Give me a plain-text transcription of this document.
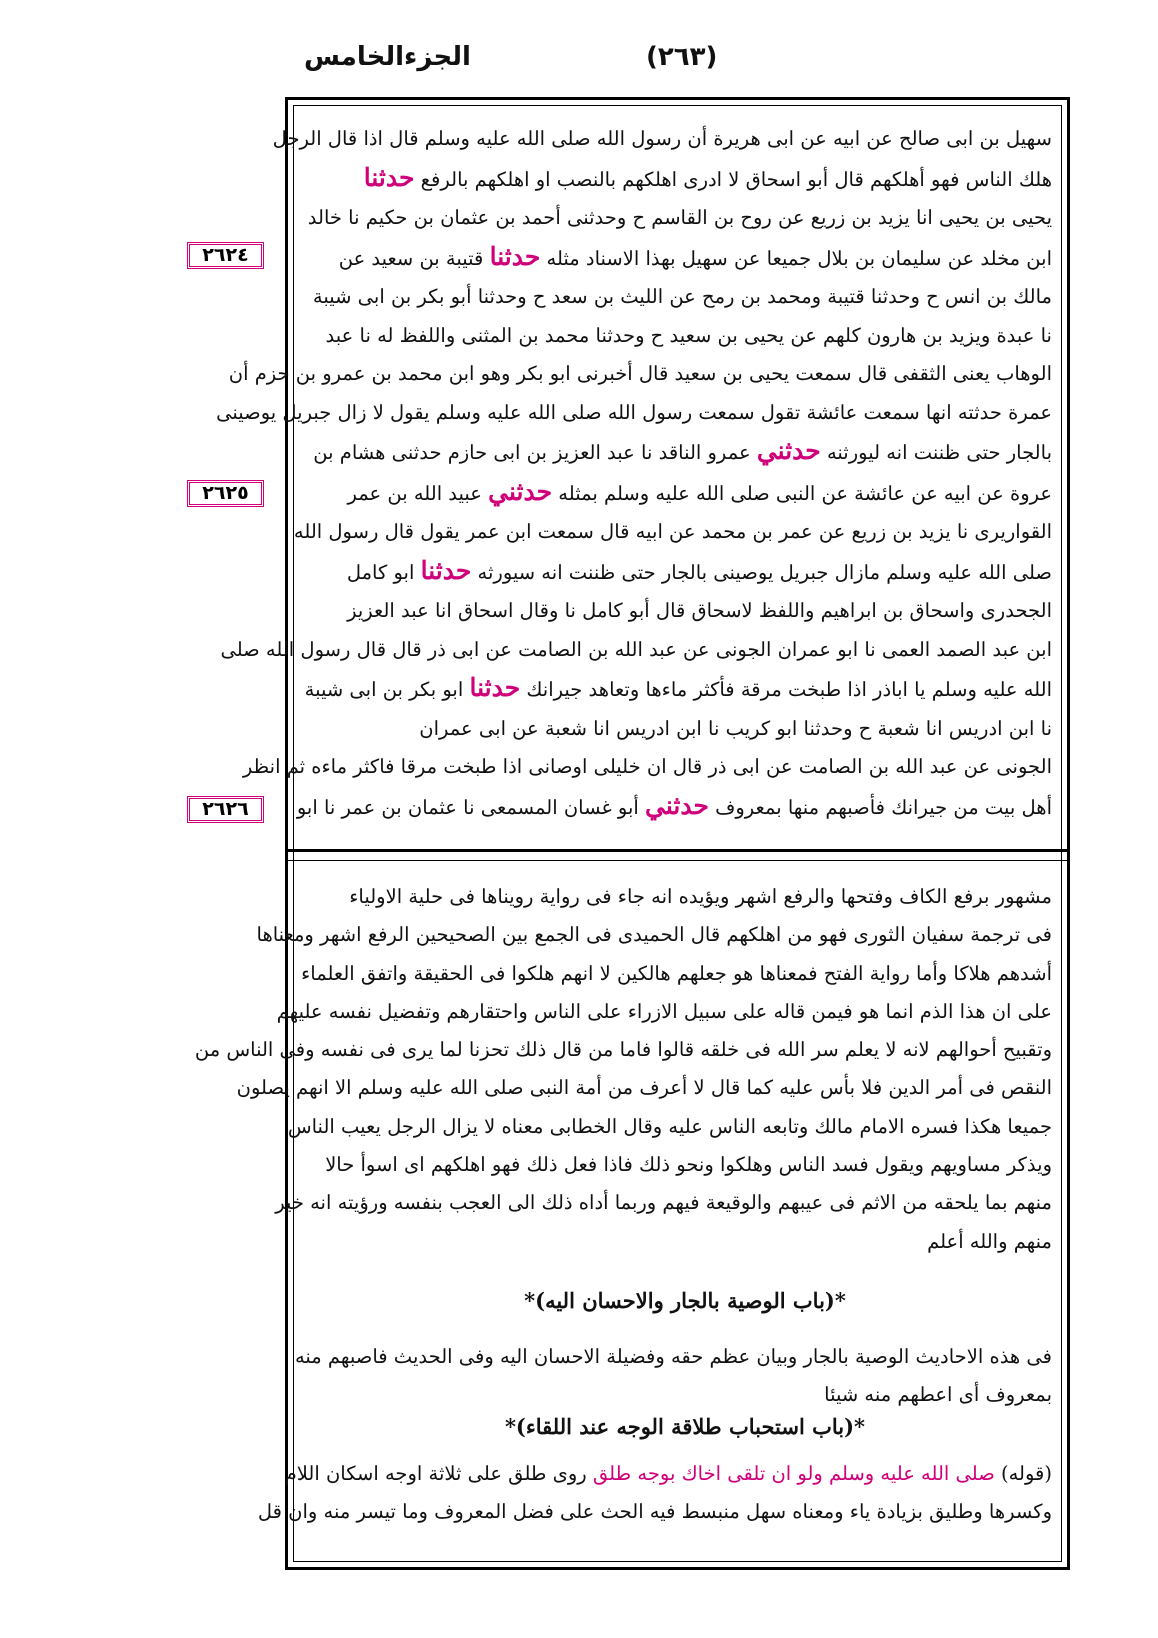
الجزءالخامس	(٢٦٣)
٢٦٢٤
٢٦٢٥
٢٦٢٦
سهيل بن ابى صالح عن ابيه عن ابى هريرة أن رسول الله صلى الله عليه وسلم قال اذا قال الرجل
هلك الناس فهو أهلكهم قال أبو اسحاق لا ادرى اهلكهم بالنصب او اهلكهم بالرفع حدثنا
يحيى بن يحيى انا يزيد بن زريع عن روح بن القاسم ح وحدثنى أحمد بن عثمان بن حكيم نا خالد
ابن مخلد عن سليمان بن بلال جميعا عن سهيل بهذا الاسناد مثله حدثنا قتيبة بن سعيد عن
مالك بن انس ح وحدثنا قتيبة ومحمد بن رمح عن الليث بن سعد ح وحدثنا أبو بكر بن ابى شيبة
نا عبدة ويزيد بن هارون كلهم عن يحيى بن سعيد ح وحدثنا محمد بن المثنى واللفظ له نا عبد
الوهاب يعنى الثقفى قال سمعت يحيى بن سعيد قال أخبرنى ابو بكر وهو ابن محمد بن عمرو بن حزم أن
عمرة حدثته انها سمعت عائشة تقول سمعت رسول الله صلى الله عليه وسلم يقول لا زال جبريل يوصينى
بالجار حتى ظننت انه ليورثنه حدثني عمرو الناقد نا عبد العزيز بن ابى حازم حدثنى هشام بن
عروة عن ابيه عن عائشة عن النبى صلى الله عليه وسلم بمثله حدثني عبيد الله بن عمر
القواريرى نا يزيد بن زريع عن عمر بن محمد عن ابيه قال سمعت ابن عمر يقول قال رسول الله
صلى الله عليه وسلم مازال جبريل يوصينى بالجار حتى ظننت انه سيورثه حدثنا ابو كامل
الجحدرى واسحاق بن ابراهيم واللفظ لاسحاق قال أبو كامل نا وقال اسحاق انا عبد العزيز
ابن عبد الصمد العمى نا ابو عمران الجونى عن عبد الله بن الصامت عن ابى ذر قال قال رسول الله صلى
الله عليه وسلم يا اباذر اذا طبخت مرقة فأكثر ماءها وتعاهد جيرانك حدثنا ابو بكر بن ابى شيبة
نا ابن ادريس انا شعبة ح وحدثنا ابو كريب نا ابن ادريس انا شعبة عن ابى عمران
الجونى عن عبد الله بن الصامت عن ابى ذر قال ان خليلى اوصانى اذا طبخت مرقا فاكثر ماءه ثم انظر
أهل بيت من جيرانك فأصبهم منها بمعروف حدثني أبو غسان المسمعى نا عثمان بن عمر نا ابو
مشهور برفع الكاف وفتحها والرفع اشهر ويؤيده انه جاء فى رواية رويناها فى حلية الاولياء
فى ترجمة سفيان الثورى فهو من اهلكهم قال الحميدى فى الجمع بين الصحيحين الرفع اشهر ومعناها
أشدهم هلاكا وأما رواية الفتح فمعناها هو جعلهم هالكين لا انهم هلكوا فى الحقيقة واتفق العلماء
على ان هذا الذم انما هو فيمن قاله على سبيل الازراء على الناس واحتقارهم وتفضيل نفسه عليهم
وتقبيح أحوالهم لانه لا يعلم سر الله فى خلقه قالوا فاما من قال ذلك تحزنا لما يرى فى نفسه وفى الناس من
النقص فى أمر الدين فلا بأس عليه كما قال لا أعرف من أمة النبى صلى الله عليه وسلم الا انهم يصلون
جميعا هكذا فسره الامام مالك وتابعه الناس عليه وقال الخطابى معناه لا يزال الرجل يعيب الناس
ويذكر مساويهم ويقول فسد الناس وهلكوا ونحو ذلك فاذا فعل ذلك فهو اهلكهم اى اسوأ حالا
منهم بما يلحقه من الاثم فى عيبهم والوقيعة فيهم وربما أداه ذلك الى العجب بنفسه ورؤيته انه خير
منهم والله أعلم
*(باب الوصية بالجار والاحسان اليه)*
فى هذه الاحاديث الوصية بالجار وبيان عظم حقه وفضيلة الاحسان اليه وفى الحديث فاصبهم منه
بمعروف أى اعطهم منه شيئا
*(باب استحباب طلاقة الوجه عند اللقاء)*
(قوله) صلى الله عليه وسلم ولو ان تلقى اخاك بوجه طلق روى طلق على ثلاثة اوجه اسكان اللام
وكسرها وطليق بزيادة ياء ومعناه سهل منبسط فيه الحث على فضل المعروف وما تيسر منه وان قل
